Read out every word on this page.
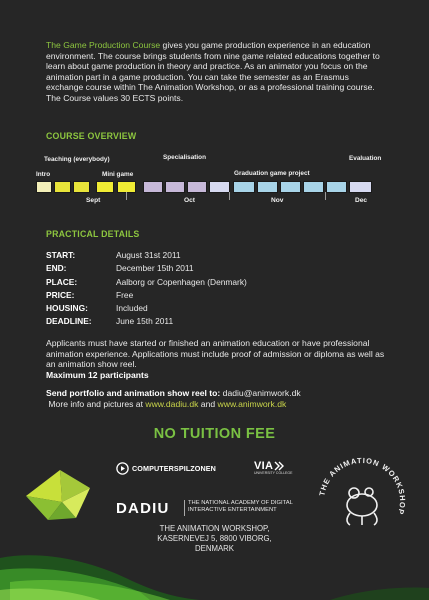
The Game Production Course gives you game production experience in an education environment. The course brings students from nine game related educations together to learn about game production in theory and practice. As an animator you focus on the animation part in a game production. You can take the semester as an Erasmus exchange course within The Animation Workshop, or as a professional training course. The Course values 30 ECTS points.

COURSE OVERVIEW
Teaching (everybody)	Specialisation	Evaluation
Intro	Mini game	Graduation game project
Sept	Oct	Nov	Dec
PRACTICAL DETAILS
START:	August 31st 2011
END:	December 15th 2011
PLACE:	Aalborg or Copenhagen (Denmark)
PRICE:	Free
HOUSING:	Included
DEADLINE:	June 15th 2011

Applicants must have started or finished an animation education or have professional animation experience. Applications must include proof of admission or diploma as well as an animation show reel.
Maximum 12 participants

Send portfolio and animation show reel to: dadiu@animwork.dk
More info and pictures at www.dadiu.dk and www.animwork.dk

NO TUITION FEE
COMPUTERSPILZONEN	VIA
UNIVERSITY COLLEGE
DADIU	THE NATIONAL ACADEMY OF DIGITAL
INTERACTIVE ENTERTAINMENT
THE ANIMATION WORKSHOP
THE ANIMATION WORKSHOP,
KASERNEVEJ 5, 8800 VIBORG,
DENMARK
